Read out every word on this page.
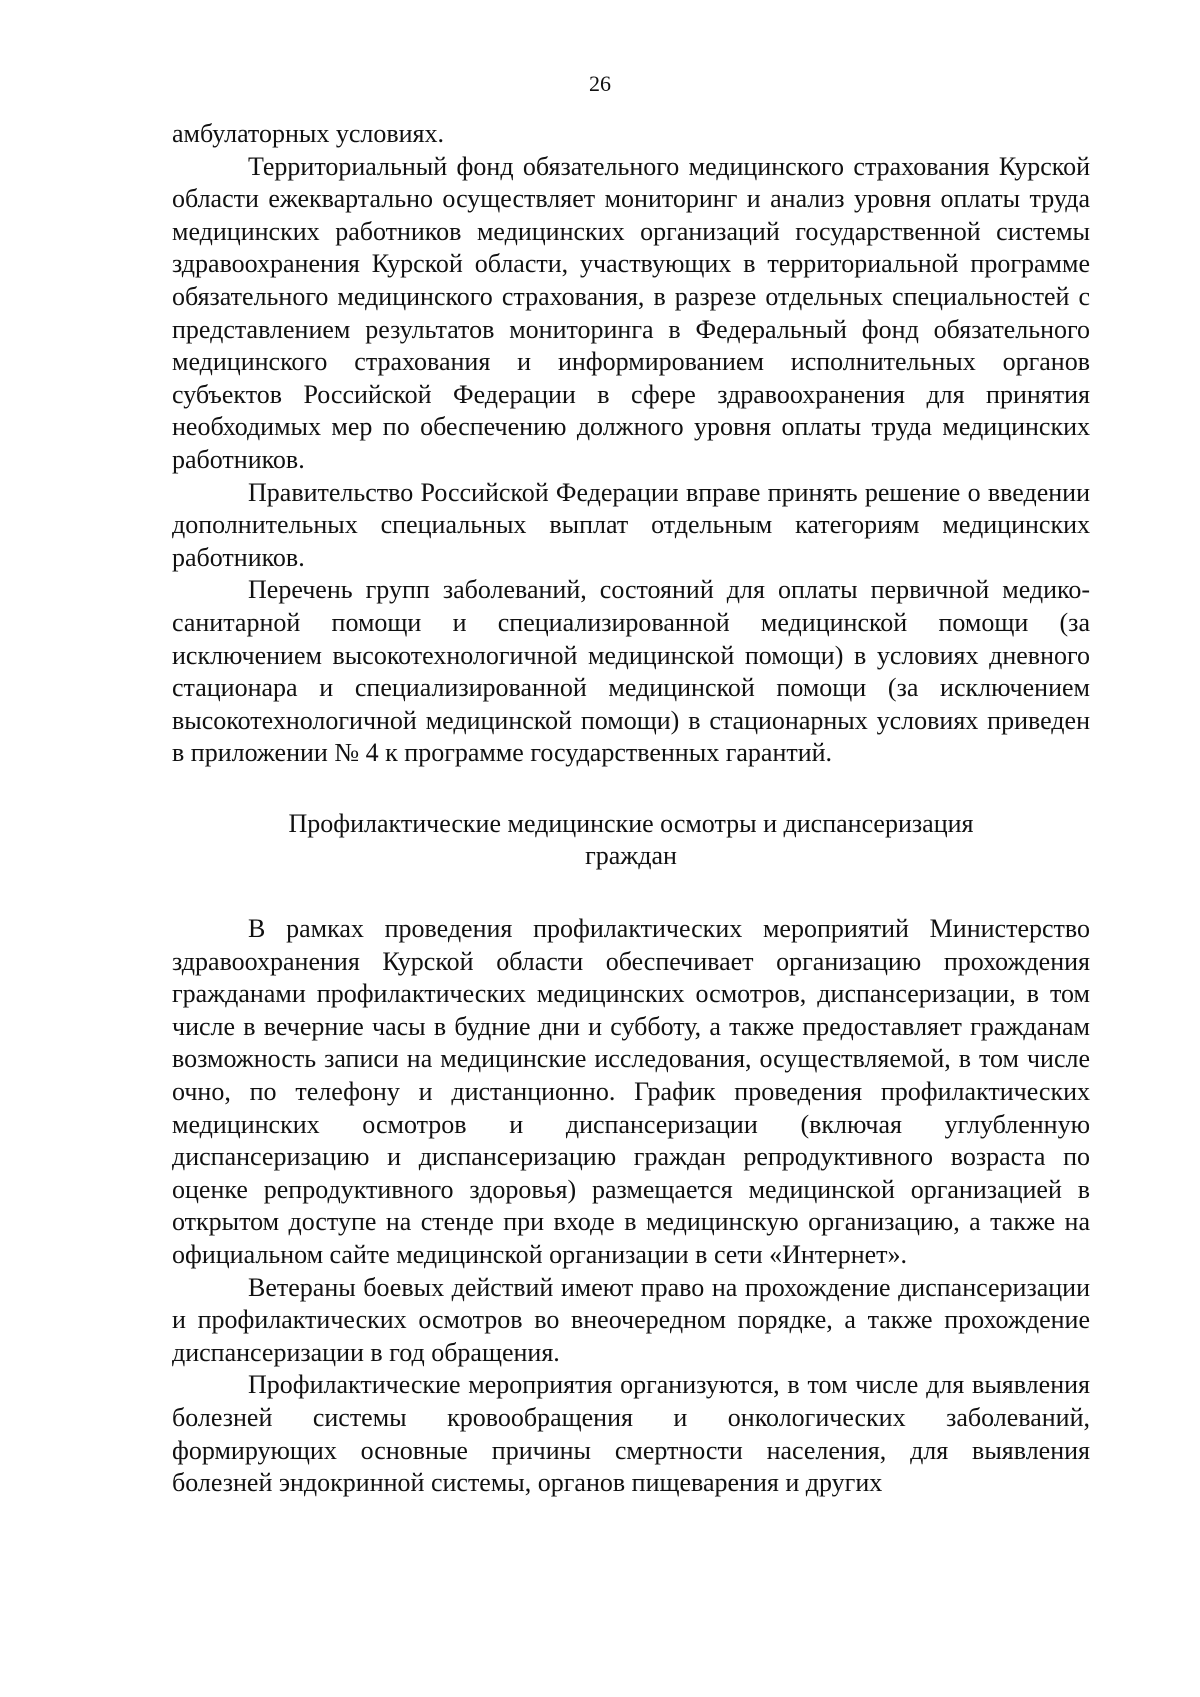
26

амбулаторных условиях.

Территориальный фонд обязательного медицинского страхования Курской области ежеквартально осуществляет мониторинг и анализ уровня оплаты труда медицинских работников медицинских организаций государственной системы здравоохранения Курской области, участвующих в территориальной программе обязательного медицинского страхования, в разрезе отдельных специальностей с представлением результатов мониторинга в Федеральный фонд обязательного медицинского страхования и информированием исполнительных органов субъектов Российской Федерации в сфере здравоохранения для принятия необходимых мер по обеспечению должного уровня оплаты труда медицинских работников.

Правительство Российской Федерации вправе принять решение о введении дополнительных специальных выплат отдельным категориям медицинских работников.

Перечень групп заболеваний, состояний для оплаты первичной медико-санитарной помощи и специализированной медицинской помощи (за исключением высокотехнологичной медицинской помощи) в условиях дневного стационара и специализированной медицинской помощи (за исключением высокотехнологичной медицинской помощи) в стационарных условиях приведен в приложении № 4 к программе государственных гарантий.

Профилактические медицинские осмотры и диспансеризация
граждан

В рамках проведения профилактических мероприятий Министерство здравоохранения Курской области обеспечивает организацию прохождения гражданами профилактических медицинских осмотров, диспансеризации, в том числе в вечерние часы в будние дни и субботу, а также предоставляет гражданам возможность записи на медицинские исследования, осуществляемой, в том числе очно, по телефону и дистанционно. График проведения профилактических медицинских осмотров и диспансеризации (включая углубленную диспансеризацию и диспансеризацию граждан репродуктивного возраста по оценке репродуктивного здоровья) размещается медицинской организацией в открытом доступе на стенде при входе в медицинскую организацию, а также на официальном сайте медицинской организации в сети «Интернет».

Ветераны боевых действий имеют право на прохождение диспансеризации и профилактических осмотров во внеочередном порядке, а также прохождение диспансеризации в год обращения.

Профилактические мероприятия организуются, в том числе для выявления болезней системы кровообращения и онкологических заболеваний, формирующих основные причины смертности населения, для выявления болезней эндокринной системы, органов пищеварения и других
